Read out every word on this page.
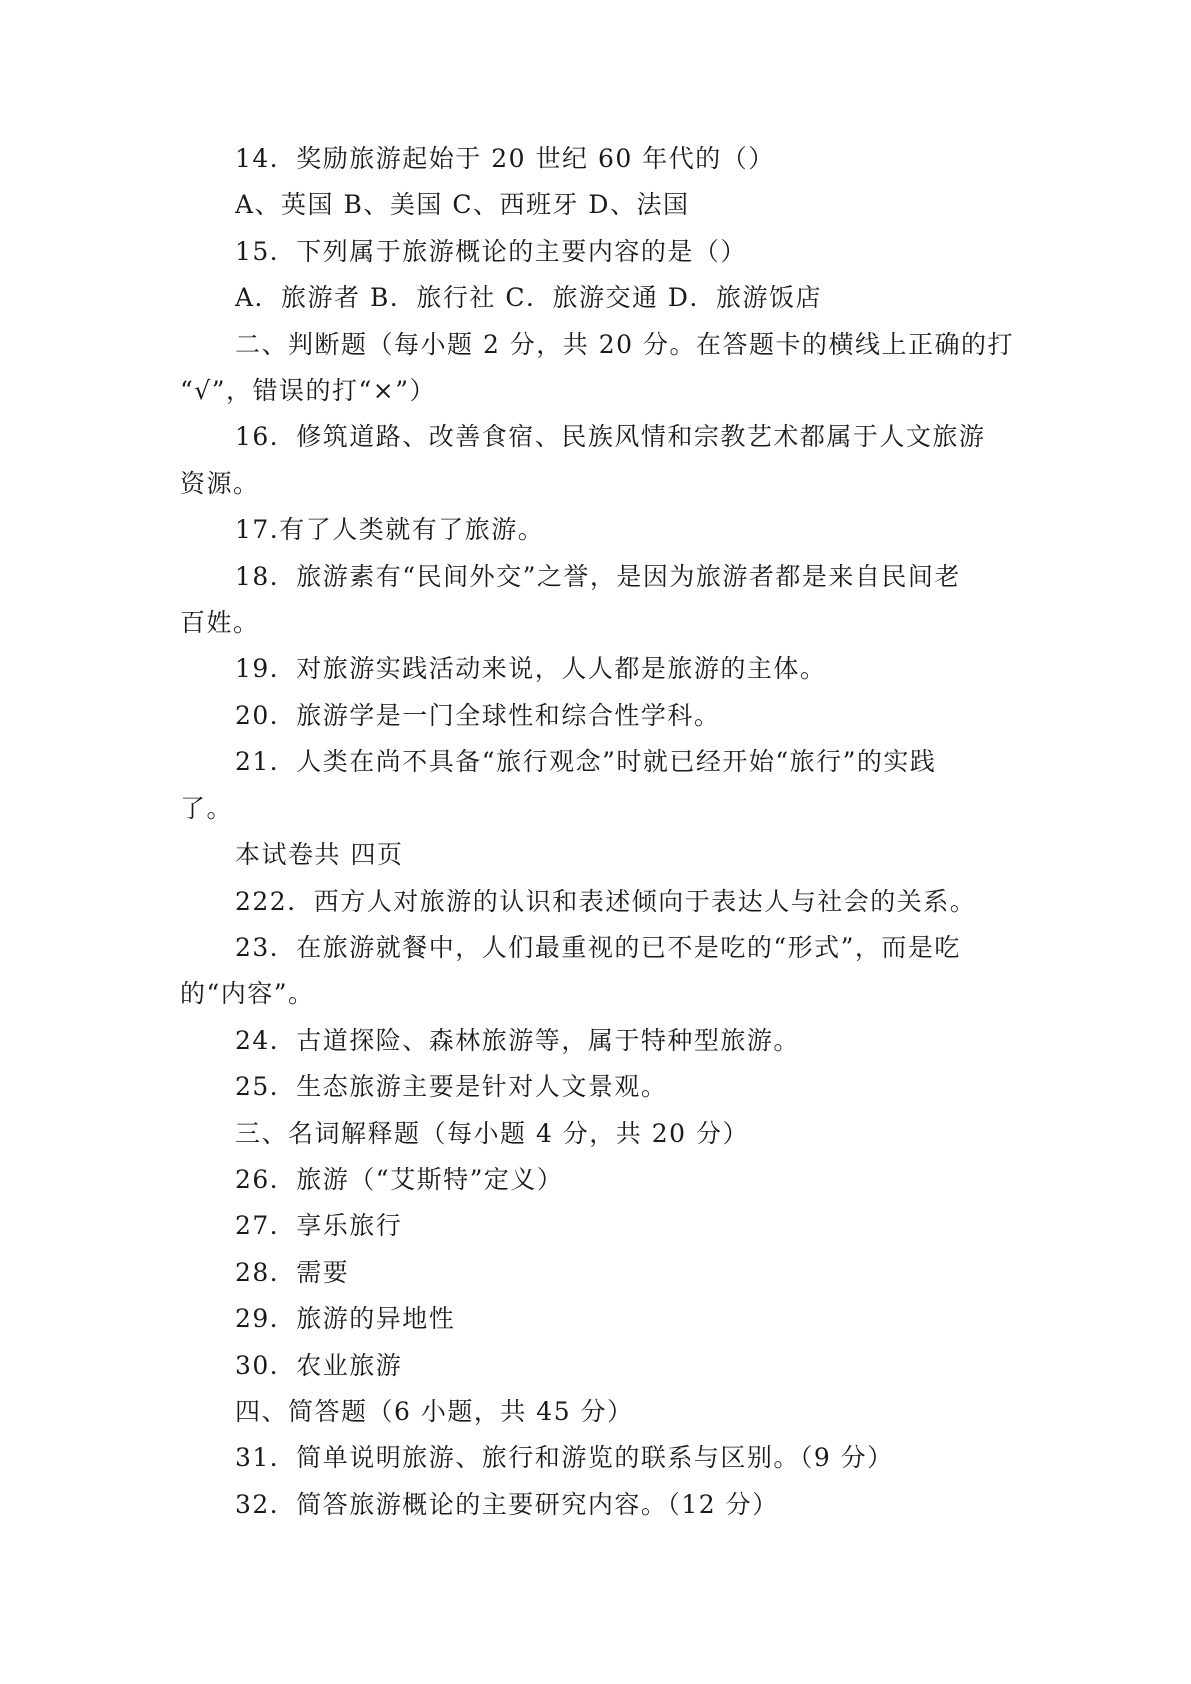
14．奖励旅游起始于 20 世纪 60 年代的（）

A、英国 B、美国 C、西班牙 D、法国

15．下列属于旅游概论的主要内容的是（）

A．旅游者 B．旅行社 C．旅游交通 D．旅游饭店

二、判断题（每小题 2 分，共 20 分。在答题卡的横线上正确的打

“√”，错误的打“×”）

16．修筑道路、改善食宿、民族风情和宗教艺术都属于人文旅游

资源。

17.有了人类就有了旅游。

18．旅游素有“民间外交”之誉，是因为旅游者都是来自民间老

百姓。

19．对旅游实践活动来说，人人都是旅游的主体。

20．旅游学是一门全球性和综合性学科。

21．人类在尚不具备“旅行观念”时就已经开始“旅行”的实践

了。

本试卷共 四页

222．西方人对旅游的认识和表述倾向于表达人与社会的关系。

23．在旅游就餐中，人们最重视的已不是吃的“形式”，而是吃

的“内容”。

24．古道探险、森林旅游等，属于特种型旅游。

25．生态旅游主要是针对人文景观。

三、名词解释题（每小题 4 分，共 20 分）

26．旅游（“艾斯特”定义）

27．享乐旅行

28．需要

29．旅游的异地性

30．农业旅游

四、简答题（6 小题，共 45 分）

31．简单说明旅游、旅行和游览的联系与区别。（9 分）

32．简答旅游概论的主要研究内容。（12 分）
